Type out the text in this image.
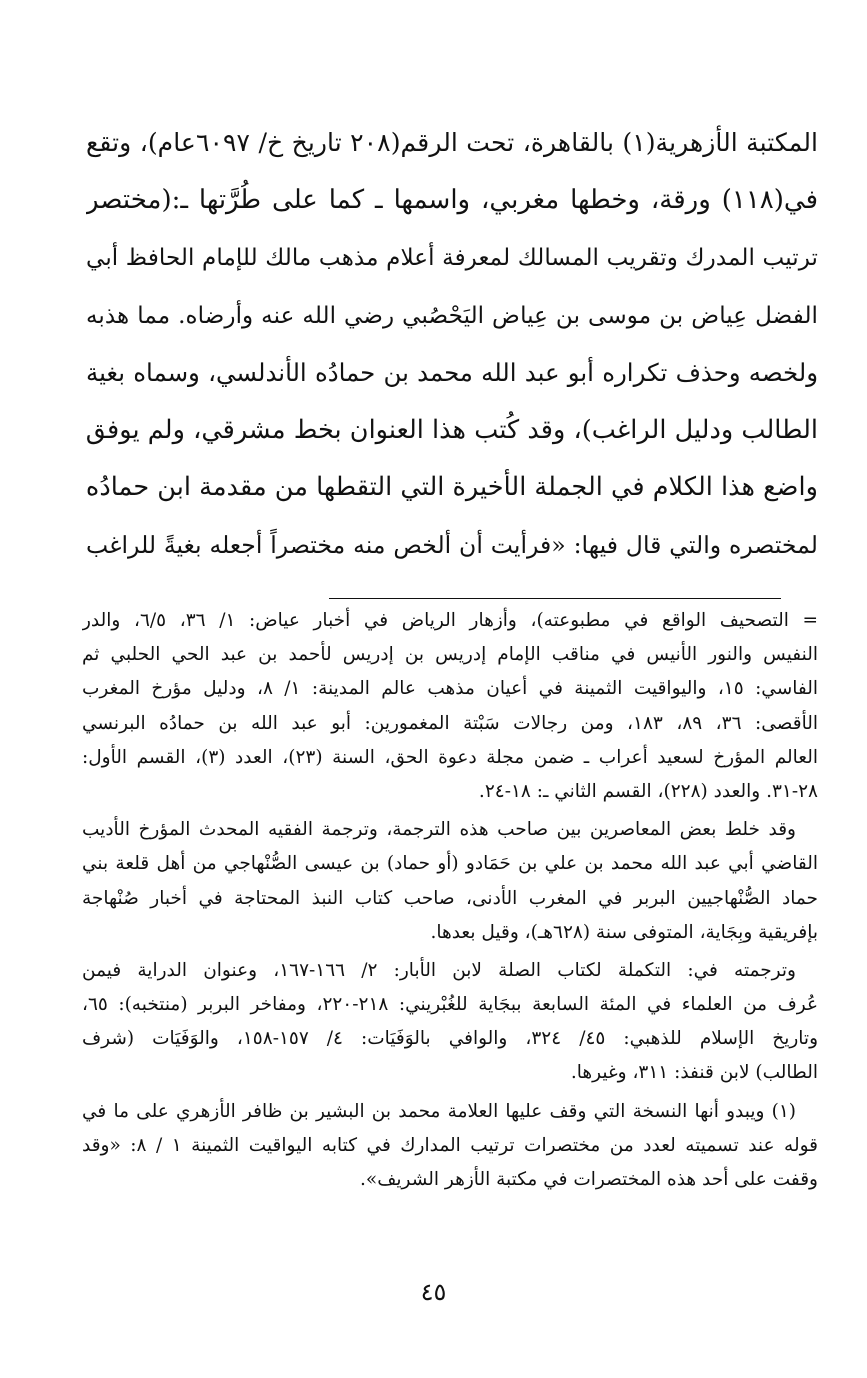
المكتبة الأزهرية(١) بالقاهرة، تحت الرقم(٢٠٨ تاريخ خ/ ٦٠٩٧عام)، وتقع
في(١١٨) ورقة، وخطها مغربي، واسمها ـ كما على طُرَّتها ـ:(مختصر
ترتيب المدرك وتقريب المسالك لمعرفة أعلام مذهب مالك للإمام الحافظ أبي
الفضل عِياض بن موسى بن عِياض اليَحْصُبي رضي الله عنه وأرضاه. مما هذبه
ولخصه وحذف تكراره أبو عبد الله محمد بن حمادُه الأندلسي، وسماه بغية
الطالب ودليل الراغب)، وقد كُتب هذا العنوان بخط مشرقي، ولم يوفق
واضع هذا الكلام في الجملة الأخيرة التي التقطها من مقدمة ابن حمادُه
لمختصره والتي قال فيها: «فرأيت أن ألخص منه مختصراً أجعله بغيةً للراغب
= التصحيف الواقع في مطبوعته)، وأزهار الرياض في أخبار عياض: ١/ ٣٦، ٦/٥، والدر
النفيس والنور الأنيس في مناقب الإمام إدريس بن إدريس لأحمد بن عبد الحي الحلبي ثم
الفاسي: ١٥، واليواقيت الثمينة في أعيان مذهب عالم المدينة: ١/ ٨، ودليل مؤرخ المغرب
الأقصى: ٣٦، ٨٩، ١٨٣، ومن رجالات سَبْتة المغمورين: أبو عبد الله بن حمادُه البرنسي
العالم المؤرخ لسعيد أعراب ـ ضمن مجلة دعوة الحق، السنة (٢٣)، العدد (٣)، القسم الأول:
٢٨-٣١. والعدد (٢٢٨)، القسم الثاني ـ: ١٨-٢٤.
وقد خلط بعض المعاصرين بين صاحب هذه الترجمة، وترجمة الفقيه المحدث المؤرخ الأديب
القاضي أبي عبد الله محمد بن علي بن حَمَادو (أو حماد) بن عيسى الصُّنْهاجي من أهل قلعة بني
حماد الصُّنْهاجيين البربر في المغرب الأدنى، صاحب كتاب النبذ المحتاجة في أخبار صُنْهاجة
بإفريقية وبِجَاية، المتوفى سنة (٦٢٨هـ)، وقيل بعدها.
وترجمته في: التكملة لكتاب الصلة لابن الأبار: ٢/ ١٦٦-١٦٧، وعنوان الدراية فيمن
عُرف من العلماء في المئة السابعة ببجَاية للغُبْريني: ٢١٨-٢٢٠، ومفاخر البربر (منتخبه): ٦٥،
وتاريخ الإسلام للذهبي: ٤٥/ ٣٢٤، والوافي بالوَفَيَات: ٤/ ١٥٧-١٥٨، والوَفَيَات (شرف
الطالب) لابن قنفذ: ٣١١، وغيرها.
(١) ويبدو أنها النسخة التي وقف عليها العلامة محمد بن البشير بن ظافر الأزهري على ما في
قوله عند تسميته لعدد من مختصرات ترتيب المدارك في كتابه اليواقيت الثمينة ١ / ٨: «وقد
وقفت على أحد هذه المختصرات في مكتبة الأزهر الشريف».
٤٥
